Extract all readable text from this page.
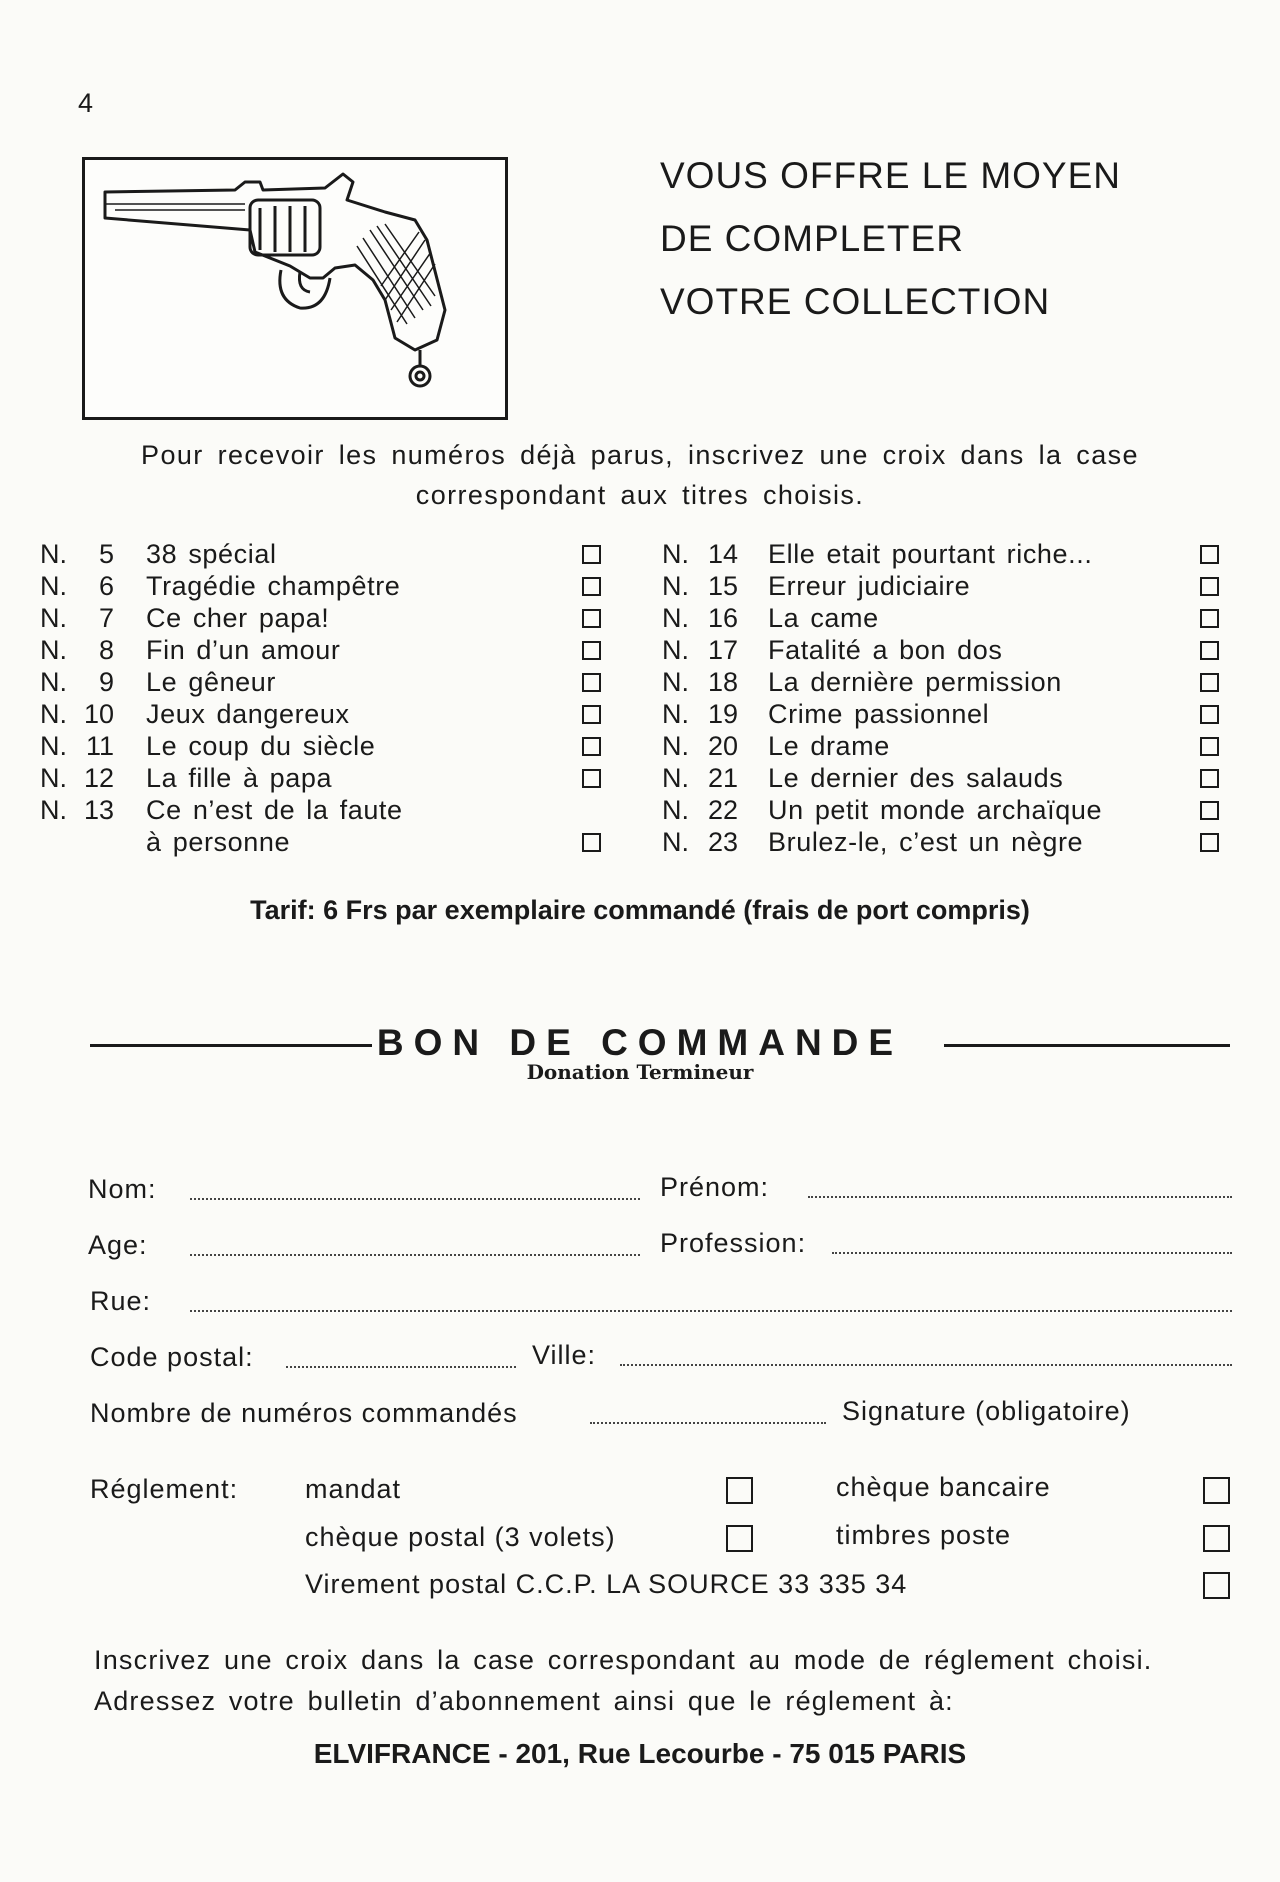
4
VOUS OFFRE LE MOYEN
DE COMPLETER
VOTRE COLLECTION
Pour recevoir les numéros déjà parus, inscrivez une croix dans la case
correspondant aux titres choisis.
N.	5 38 spécial
N.	6 Tragédie champêtre
N.	7 Ce cher papa!
N.	8 Fin d’un amour
N.	9 Le gêneur
N. 10 Jeux dangereux
N. 11 Le coup du siècle
N. 12 La fille à papa
N. 13 Ce n’est de la faute
à personne
N. 14 Elle etait pourtant riche...
N. 15 Erreur judiciaire
N. 16 La came
N. 17 Fatalité a bon dos
N. 18 La dernière permission
N. 19 Crime passionnel
N. 20 Le drame
N. 21 Le dernier des salauds
N. 22 Un petit monde archaïque
N. 23 Brulez-le, c’est un nègre
Tarif: 6 Frs par exemplaire commandé (frais de port compris)
BON DE COMMANDE
Donation Termineur
Nom:	Prénom:
Age:	Profession:
Rue:
Code postal:	Ville:
Nombre de numéros commandés	Signature (obligatoire)
Réglement: mandat	chèque bancaire
chèque postal (3 volets)	timbres poste
Virement postal C.C.P. LA SOURCE 33 335 34
Inscrivez une croix dans la case correspondant au mode de réglement choisi.
Adressez votre bulletin d’abonnement ainsi que le réglement à:
ELVIFRANCE - 201, Rue Lecourbe - 75 015 PARIS
